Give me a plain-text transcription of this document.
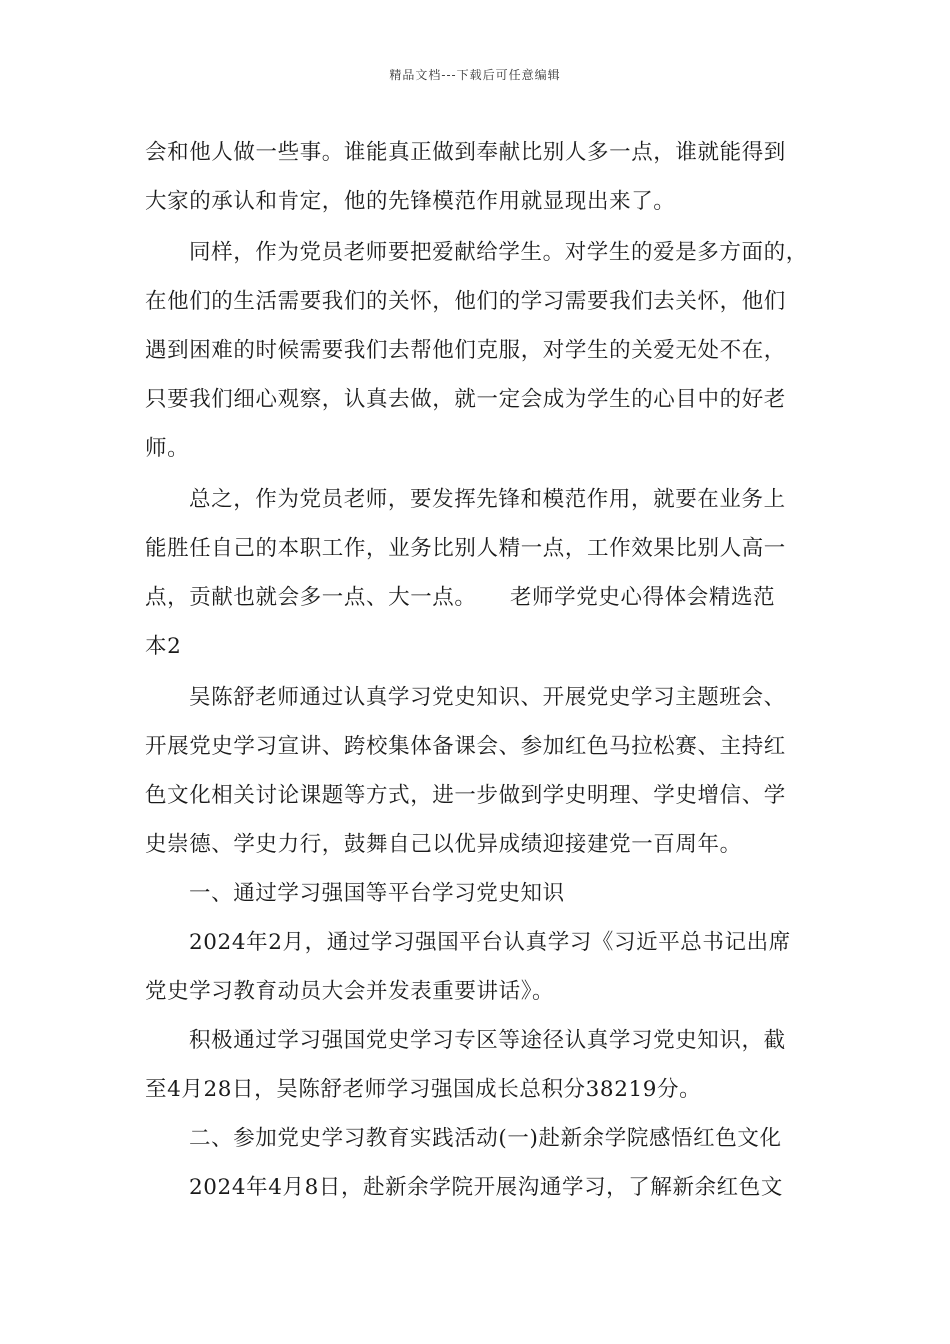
精品文档---下载后可任意编辑
会和他人做一些事。谁能真正做到奉献比别人多一点，谁就能得到
大家的承认和肯定，他的先锋模范作用就显现出来了。
同样，作为党员老师要把爱献给学生。对学生的爱是多方面的，
在他们的生活需要我们的关怀，他们的学习需要我们去关怀，他们
遇到困难的时候需要我们去帮他们克服，对学生的关爱无处不在，
只要我们细心观察，认真去做，就一定会成为学生的心目中的好老
师。
总之，作为党员老师，要发挥先锋和模范作用，就要在业务上
能胜任自己的本职工作，业务比别人精一点，工作效果比别人高一
点，贡献也就会多一点、大一点。　　老师学党史心得体会精选范
本2
吴陈舒老师通过认真学习党史知识、开展党史学习主题班会、
开展党史学习宣讲、跨校集体备课会、参加红色马拉松赛、主持红
色文化相关讨论课题等方式，进一步做到学史明理、学史增信、学
史崇德、学史力行，鼓舞自己以优异成绩迎接建党一百周年。
一、通过学习强国等平台学习党史知识
2024年2月，通过学习强国平台认真学习《习近平总书记出席
党史学习教育动员大会并发表重要讲话》。
积极通过学习强国党史学习专区等途径认真学习党史知识，截
至4月28日，吴陈舒老师学习强国成长总积分38219分。
二、参加党史学习教育实践活动(一)赴新余学院感悟红色文化
2024年4月8日，赴新余学院开展沟通学习，了解新余红色文
